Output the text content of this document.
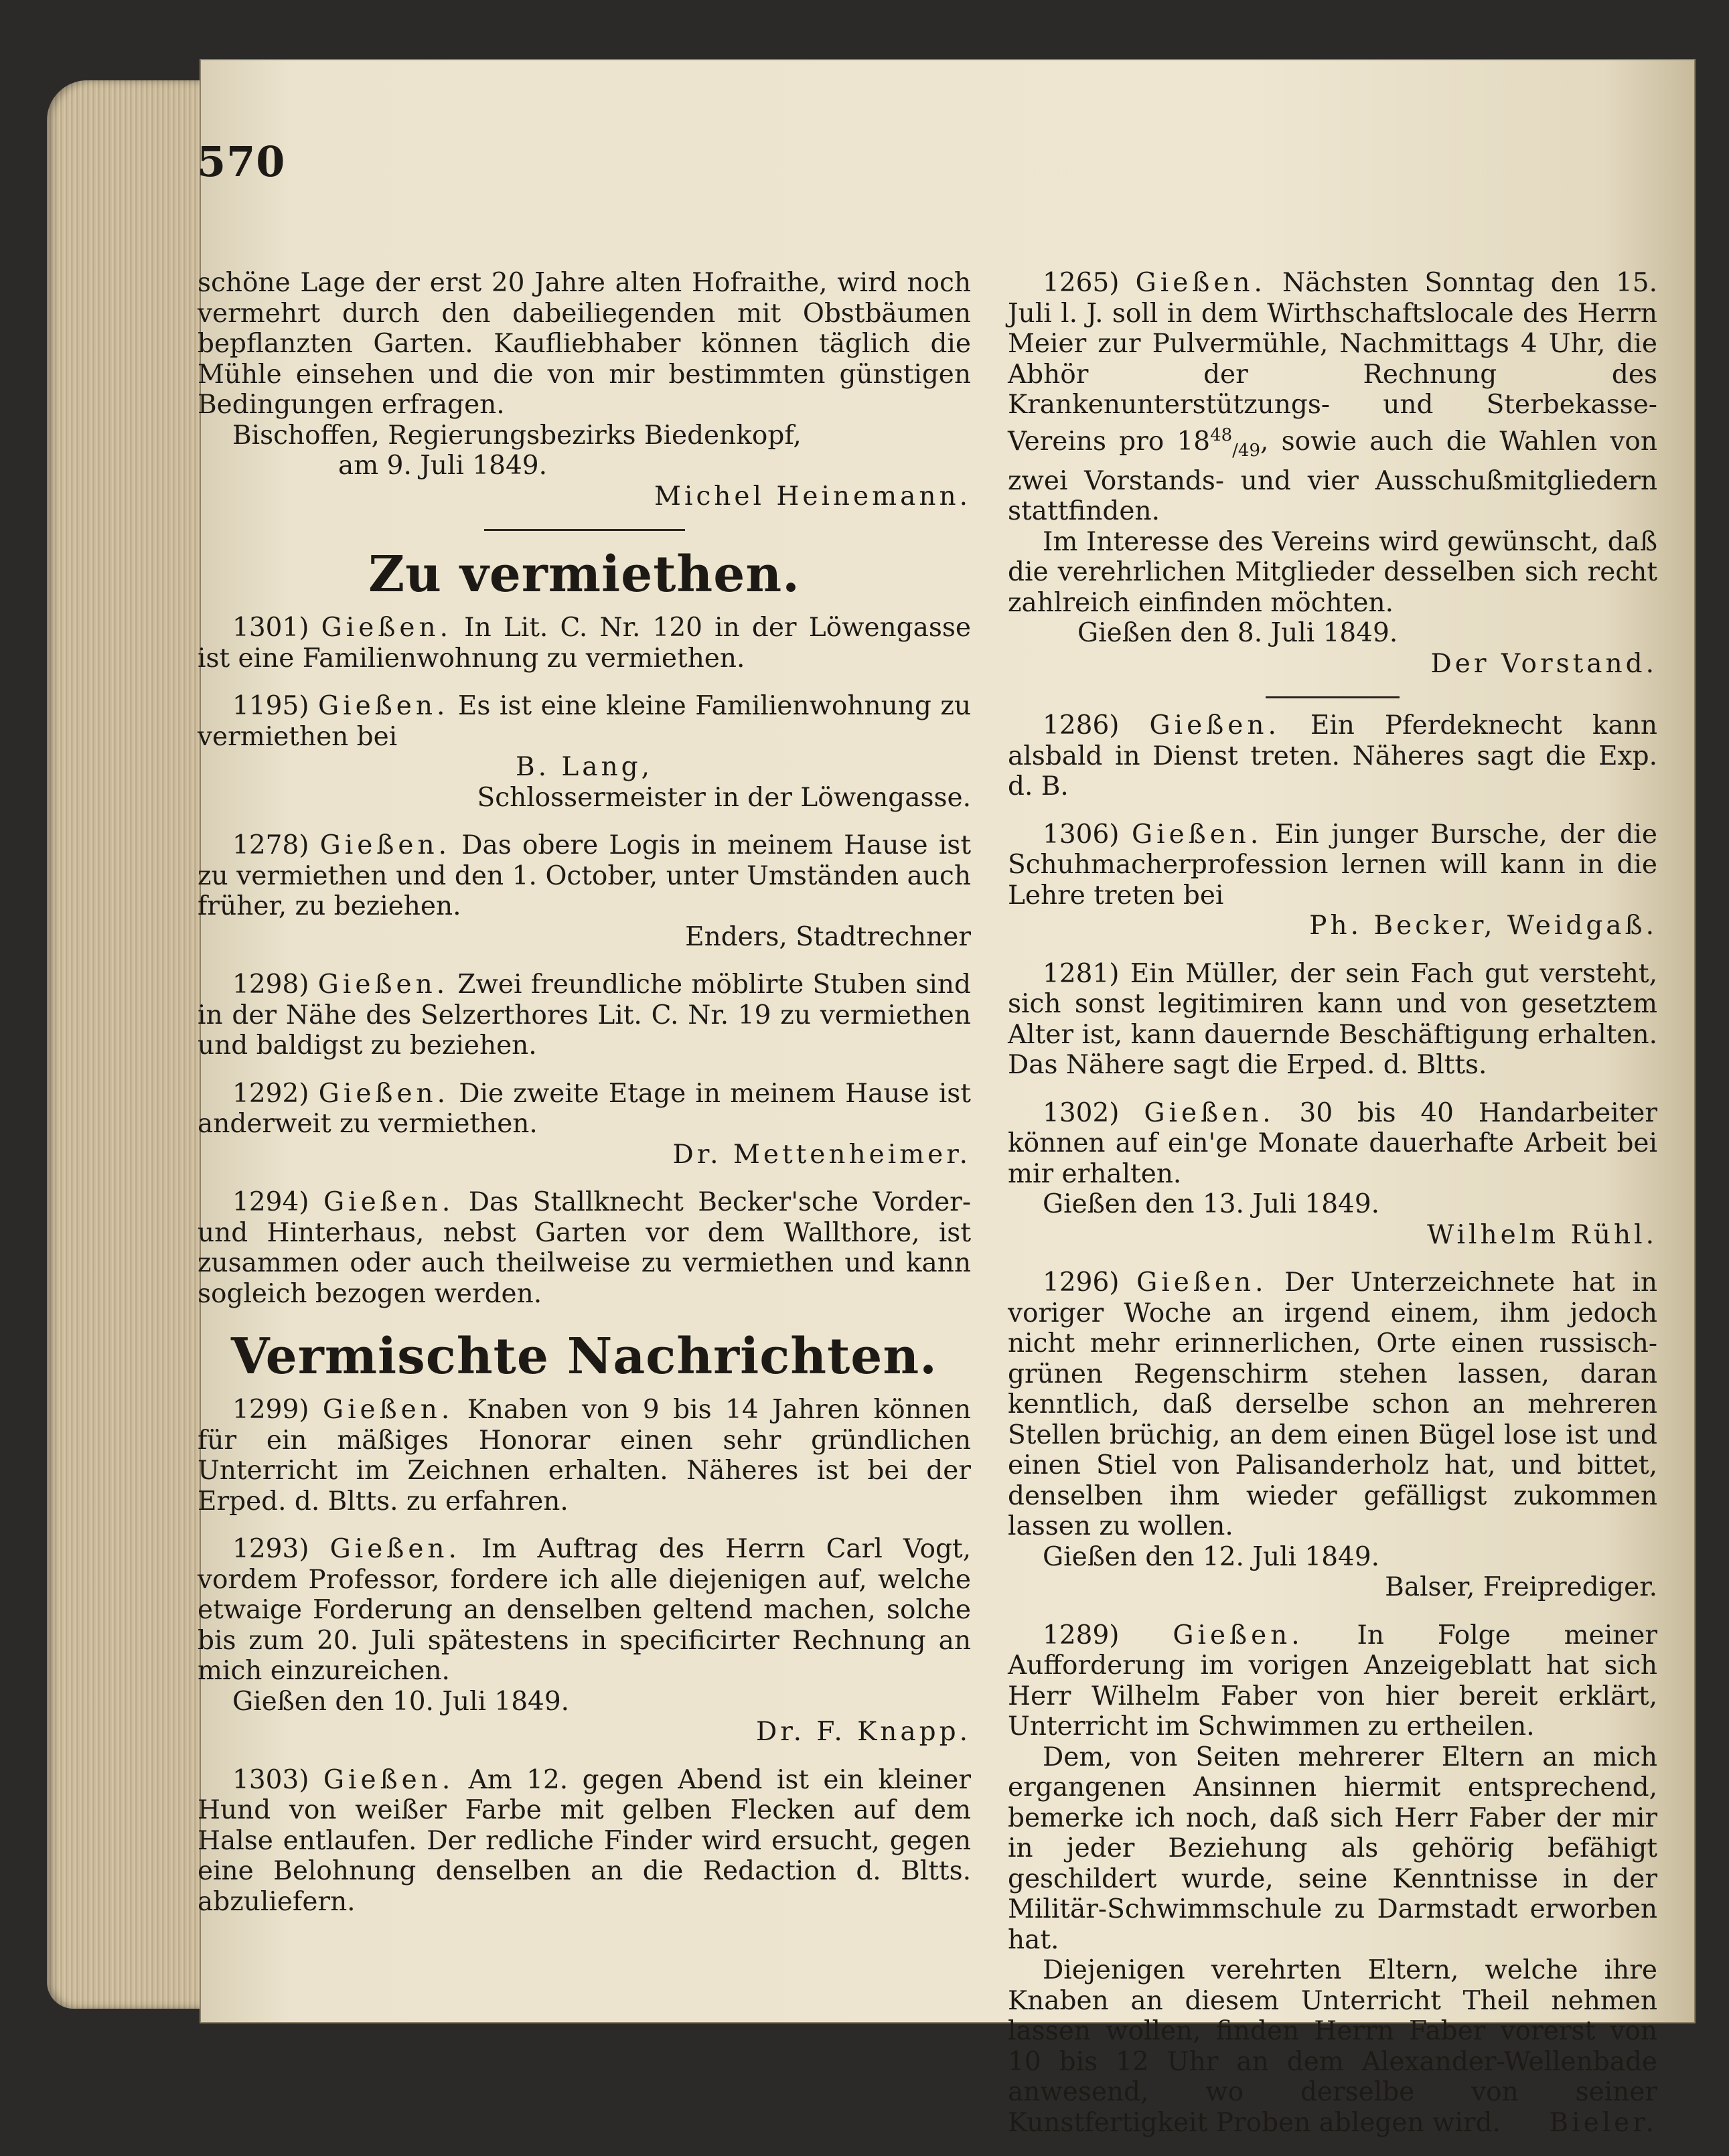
570

schöne Lage der erst 20 Jahre alten Hofraithe, wird noch vermehrt durch den dabeiliegenden mit Obstbäumen bepflanzten Garten. Kaufliebhaber können täglich die Mühle einsehen und die von mir bestimmten günstigen Bedingungen erfragen.

Bischoffen, Regierungsbezirks Biedenkopf,

am 9. Juli 1849.

Michel Heinemann.

Zu vermiethen.
1301) Gießen. In Lit. C. Nr. 120 in der Löwengasse ist eine Familienwohnung zu vermiethen.

1195) Gießen. Es ist eine kleine Familienwohnung zu vermiethen bei

B. Lang,

Schlossermeister in der Löwengasse.

1278) Gießen. Das obere Logis in meinem Hause ist zu vermiethen und den 1. October, unter Umständen auch früher, zu beziehen.

Enders, Stadtrechner

1298) Gießen. Zwei freundliche möblirte Stuben sind in der Nähe des Selzerthores Lit. C. Nr. 19 zu vermiethen und baldigst zu beziehen.

1292) Gießen. Die zweite Etage in meinem Hause ist anderweit zu vermiethen.

Dr. Mettenheimer.

1294) Gießen. Das Stallknecht Becker'sche Vorder- und Hinterhaus, nebst Garten vor dem Wallthore, ist zusammen oder auch theilweise zu vermiethen und kann sogleich bezogen werden.
Vermischte Nachrichten.
1299) Gießen. Knaben von 9 bis 14 Jahren können für ein mäßiges Honorar einen sehr gründlichen Unterricht im Zeichnen erhalten. Näheres ist bei der Erped. d. Bltts. zu erfahren.

1293) Gießen. Im Auftrag des Herrn Carl Vogt, vordem Professor, fordere ich alle diejenigen auf, welche etwaige Forderung an denselben geltend machen, solche bis zum 20. Juli spätestens in specificirter Rechnung an mich einzureichen.

Gießen den 10. Juli 1849.

Dr. F. Knapp.

1303) Gießen. Am 12. gegen Abend ist ein kleiner Hund von weißer Farbe mit gelben Flecken auf dem Halse entlaufen. Der redliche Finder wird ersucht, gegen eine Belohnung denselben an die Redaction d. Bltts. abzuliefern.

1265) Gießen. Nächsten Sonntag den 15. Juli l. J. soll in dem Wirthschaftslocale des Herrn Meier zur Pulvermühle, Nachmittags 4 Uhr, die Abhör der Rechnung des Krankenunterstützungs- und Sterbekasse-Vereins pro $18^{48}_{/49}$, sowie auch die Wahlen von zwei Vorstands- und vier Ausschußmitgliedern stattfinden.

Im Interesse des Vereins wird gewünscht, daß die verehrlichen Mitglieder desselben sich recht zahlreich einfinden möchten.

Gießen den 8. Juli 1849.

Der Vorstand.

1286) Gießen. Ein Pferdeknecht kann alsbald in Dienst treten. Näheres sagt die Exp. d. B.

1306) Gießen. Ein junger Bursche, der die Schuhmacherprofession lernen will kann in die Lehre treten bei

Ph. Becker, Weidgaß.

1281) Ein Müller, der sein Fach gut versteht, sich sonst legitimiren kann und von gesetztem Alter ist, kann dauernde Beschäftigung erhalten. Das Nähere sagt die Erped. d. Bltts.

1302) Gießen. 30 bis 40 Handarbeiter können auf ein'ge Monate dauerhafte Arbeit bei mir erhalten.

Gießen den 13. Juli 1849.

Wilhelm Rühl.

1296) Gießen. Der Unterzeichnete hat in voriger Woche an irgend einem, ihm jedoch nicht mehr erinnerlichen, Orte einen russisch-grünen Regenschirm stehen lassen, daran kenntlich, daß derselbe schon an mehreren Stellen brüchig, an dem einen Bügel lose ist und einen Stiel von Palisanderholz hat, und bittet, denselben ihm wieder gefälligst zukommen lassen zu wollen.

Gießen den 12. Juli 1849.

Balser, Freiprediger.

1289) Gießen. In Folge meiner Aufforderung im vorigen Anzeigeblatt hat sich Herr Wilhelm Faber von hier bereit erklärt, Unterricht im Schwimmen zu ertheilen.

Dem, von Seiten mehrerer Eltern an mich ergangenen Ansinnen hiermit entsprechend, bemerke ich noch, daß sich Herr Faber der mir in jeder Beziehung als gehörig befähigt geschildert wurde, seine Kenntnisse in der Militär-Schwimmschule zu Darmstadt erworben hat.

Diejenigen verehrten Eltern, welche ihre Knaben an diesem Unterricht Theil nehmen lassen wollen, finden Herrn Faber vorerst von 10 bis 12 Uhr an dem Alexander-Wellenbade anwesend, wo derselbe von seiner Kunstfertigkeit Proben ablegen wird.	Bieler.
